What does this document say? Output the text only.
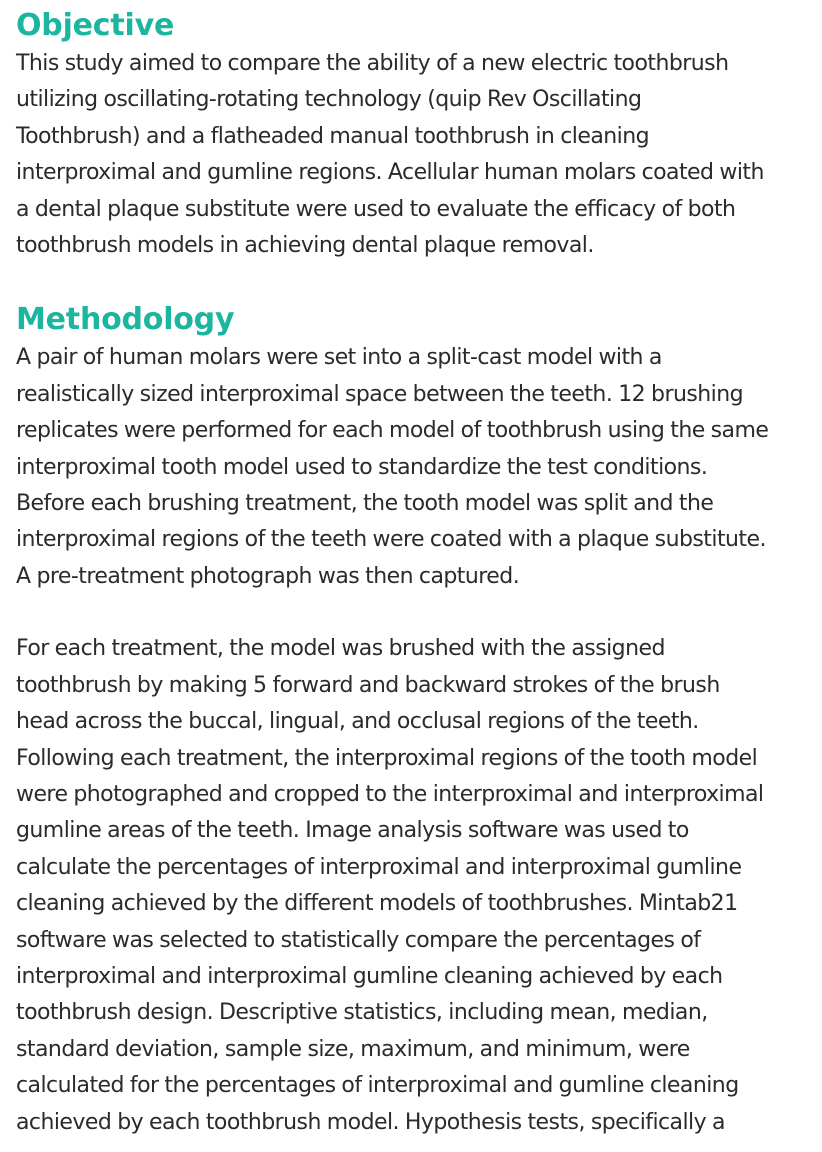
Objective

This study aimed to compare the ability of a new electric toothbrush
utilizing oscillating-rotating technology (quip Rev Oscillating
Toothbrush) and a flatheaded manual toothbrush in cleaning
interproximal and gumline regions. Acellular human molars coated with
a dental plaque substitute were used to evaluate the efficacy of both
toothbrush models in achieving dental plaque removal.

Methodology

A pair of human molars were set into a split-cast model with a
realistically sized interproximal space between the teeth. 12 brushing
replicates were performed for each model of toothbrush using the same
interproximal tooth model used to standardize the test conditions.
Before each brushing treatment, the tooth model was split and the
interproximal regions of the teeth were coated with a plaque substitute.
A pre-treatment photograph was then captured.

For each treatment, the model was brushed with the assigned
toothbrush by making 5 forward and backward strokes of the brush
head across the buccal, lingual, and occlusal regions of the teeth.
Following each treatment, the interproximal regions of the tooth model
were photographed and cropped to the interproximal and interproximal
gumline areas of the teeth. Image analysis software was used to
calculate the percentages of interproximal and interproximal gumline
cleaning achieved by the different models of toothbrushes. Mintab21
software was selected to statistically compare the percentages of
interproximal and interproximal gumline cleaning achieved by each
toothbrush design. Descriptive statistics, including mean, median,
standard deviation, sample size, maximum, and minimum, were
calculated for the percentages of interproximal and gumline cleaning
achieved by each toothbrush model. Hypothesis tests, specifically a
